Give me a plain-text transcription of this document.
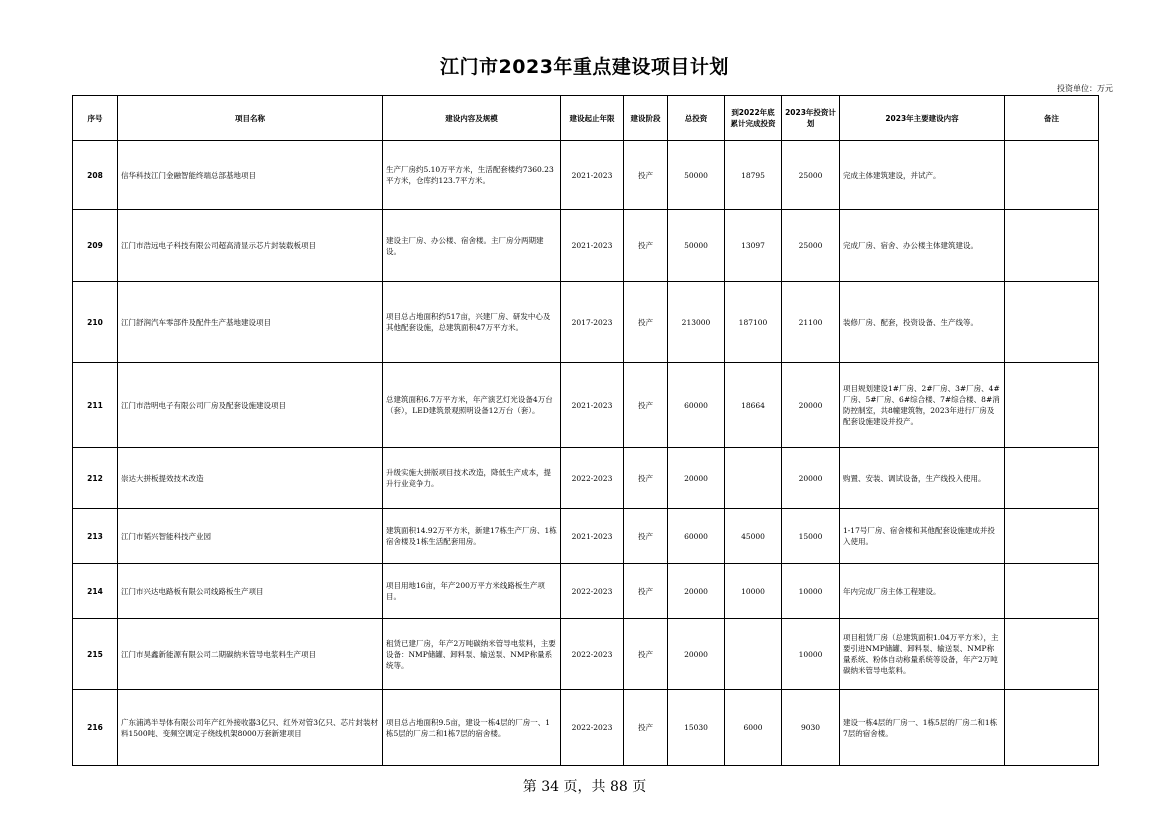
江门市2023年重点建设项目计划
投资单位：万元
序号	项目名称	建设内容及规模	建设起止年限	建设阶段	总投资	到2022年底累计完成投资	2023年投资计划	2023年主要建设内容	备注
208	信华科技江门金融智能终端总部基地项目	生产厂房约5.10万平方米，生活配套楼约7360.23平方米，仓库约123.7平方米。	2021-2023	投产	50000	18795	25000	完成主体建筑建设，并试产。	
209	江门市浩远电子科技有限公司超高清显示芯片封装载板项目	建设主厂房、办公楼、宿舍楼。主厂房分两期建设。	2021-2023	投产	50000	13097	25000	完成厂房、宿舍、办公楼主体建筑建设。	
210	江门舒润汽车零部件及配件生产基地建设项目	项目总占地面积约517亩，兴建厂房、研发中心及其他配套设施，总建筑面积47万平方米。	2017-2023	投产	213000	187100	21100	装修厂房、配套，投资设备、生产线等。	
211	江门市浩明电子有限公司厂房及配套设施建设项目	总建筑面积6.7万平方米，年产演艺灯光设备4万台（套），LED建筑景观照明设备12万台（套）。	2021-2023	投产	60000	18664	20000	项目规划建设1#厂房、2#厂房、3#厂房、4#厂房、5#厂房、6#综合楼、7#综合楼、8#消防控制室，共8幢建筑物，2023年进行厂房及配套设施建设并投产。	
212	崇达大拼板提效技术改造	升级实施大拼版项目技术改造，降低生产成本，提升行业竞争力。	2022-2023	投产	20000		20000	购置、安装、调试设备，生产线投入使用。	
213	江门市韬兴智能科技产业园	建筑面积14.92万平方米，新建17栋生产厂房、1栋宿舍楼及1栋生活配套用房。	2021-2023	投产	60000	45000	15000	1-17号厂房、宿舍楼和其他配套设施建成并投入使用。	
214	江门市兴达电路板有限公司线路板生产项目	项目用地16亩，年产200万平方米线路板生产项目。	2022-2023	投产	20000	10000	10000	年内完成厂房主体工程建设。	
215	江门市昊鑫新能源有限公司二期碳纳米管导电浆料生产项目	租赁已建厂房，年产2万吨碳纳米管导电浆料，主要设备：NMP储罐、卸料泵、输送泵、NMP称量系统等。	2022-2023	投产	20000		10000	项目租赁厂房（总建筑面积1.04万平方米），主要引进NMP储罐、卸料泵、输送泵、NMP称量系统、粉体自动称量系统等设备，年产2万吨碳纳米管导电浆料。	
216	广东浦鸿半导体有限公司年产红外接收器3亿只、红外对管3亿只、芯片封装材料1500吨、变频空调定子绕线机架8000万套新建项目	项目总占地面积9.5亩，建设一栋4层的厂房一、1栋5层的厂房二和1栋7层的宿舍楼。	2022-2023	投产	15030	6000	9030	建设一栋4层的厂房一、1栋5层的厂房二和1栋7层的宿舍楼。	
第 34 页，共 88 页
